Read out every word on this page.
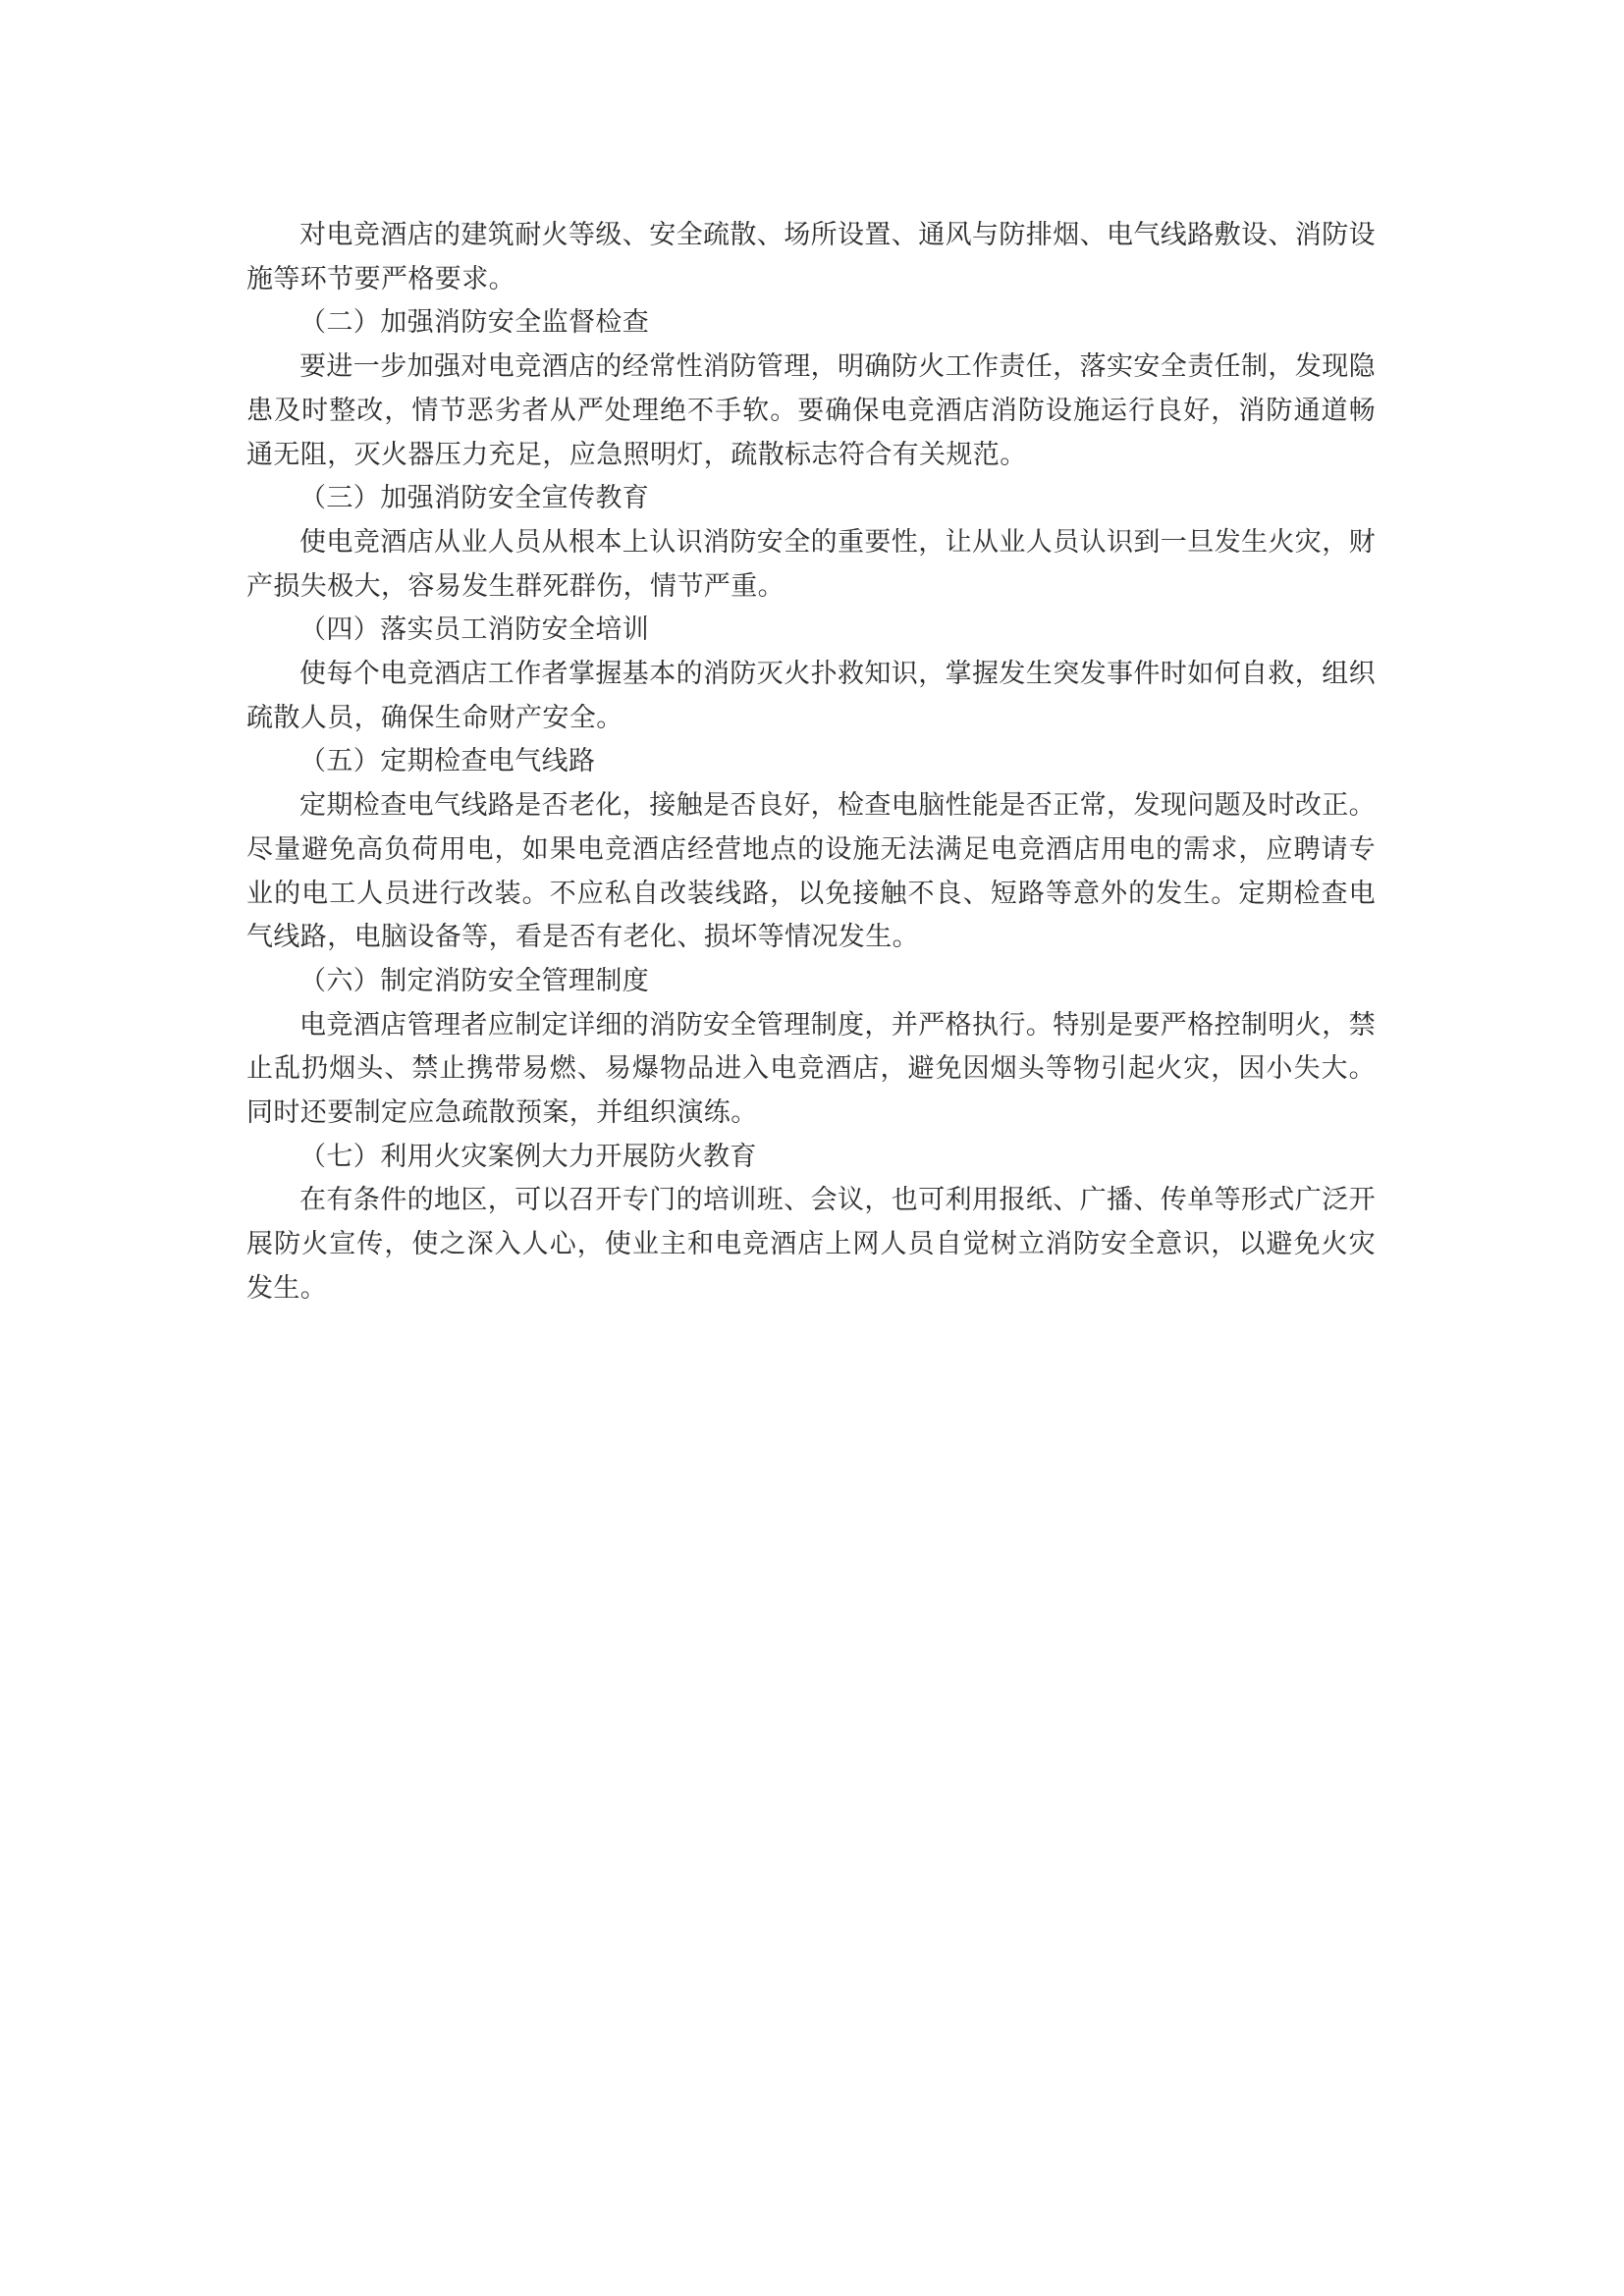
对电竞酒店的建筑耐火等级、安全疏散、场所设置、通风与防排烟、电气线路敷设、消防设施等环节要严格要求。

（二）加强消防安全监督检查

要进一步加强对电竞酒店的经常性消防管理，明确防火工作责任，落实安全责任制，发现隐患及时整改，情节恶劣者从严处理绝不手软。要确保电竞酒店消防设施运行良好，消防通道畅通无阻，灭火器压力充足，应急照明灯，疏散标志符合有关规范。

（三）加强消防安全宣传教育

使电竞酒店从业人员从根本上认识消防安全的重要性，让从业人员认识到一旦发生火灾，财产损失极大，容易发生群死群伤，情节严重。

（四）落实员工消防安全培训

使每个电竞酒店工作者掌握基本的消防灭火扑救知识，掌握发生突发事件时如何自救，组织疏散人员，确保生命财产安全。

（五）定期检查电气线路

定期检查电气线路是否老化，接触是否良好，检查电脑性能是否正常，发现问题及时改正。尽量避免高负荷用电，如果电竞酒店经营地点的设施无法满足电竞酒店用电的需求，应聘请专业的电工人员进行改装。不应私自改装线路，以免接触不良、短路等意外的发生。定期检查电气线路，电脑设备等，看是否有老化、损坏等情况发生。

（六）制定消防安全管理制度

电竞酒店管理者应制定详细的消防安全管理制度，并严格执行。特别是要严格控制明火，禁止乱扔烟头、禁止携带易燃、易爆物品进入电竞酒店，避免因烟头等物引起火灾，因小失大。同时还要制定应急疏散预案，并组织演练。

（七）利用火灾案例大力开展防火教育

在有条件的地区，可以召开专门的培训班、会议，也可利用报纸、广播、传单等形式广泛开展防火宣传，使之深入人心，使业主和电竞酒店上网人员自觉树立消防安全意识，以避免火灾发生。
